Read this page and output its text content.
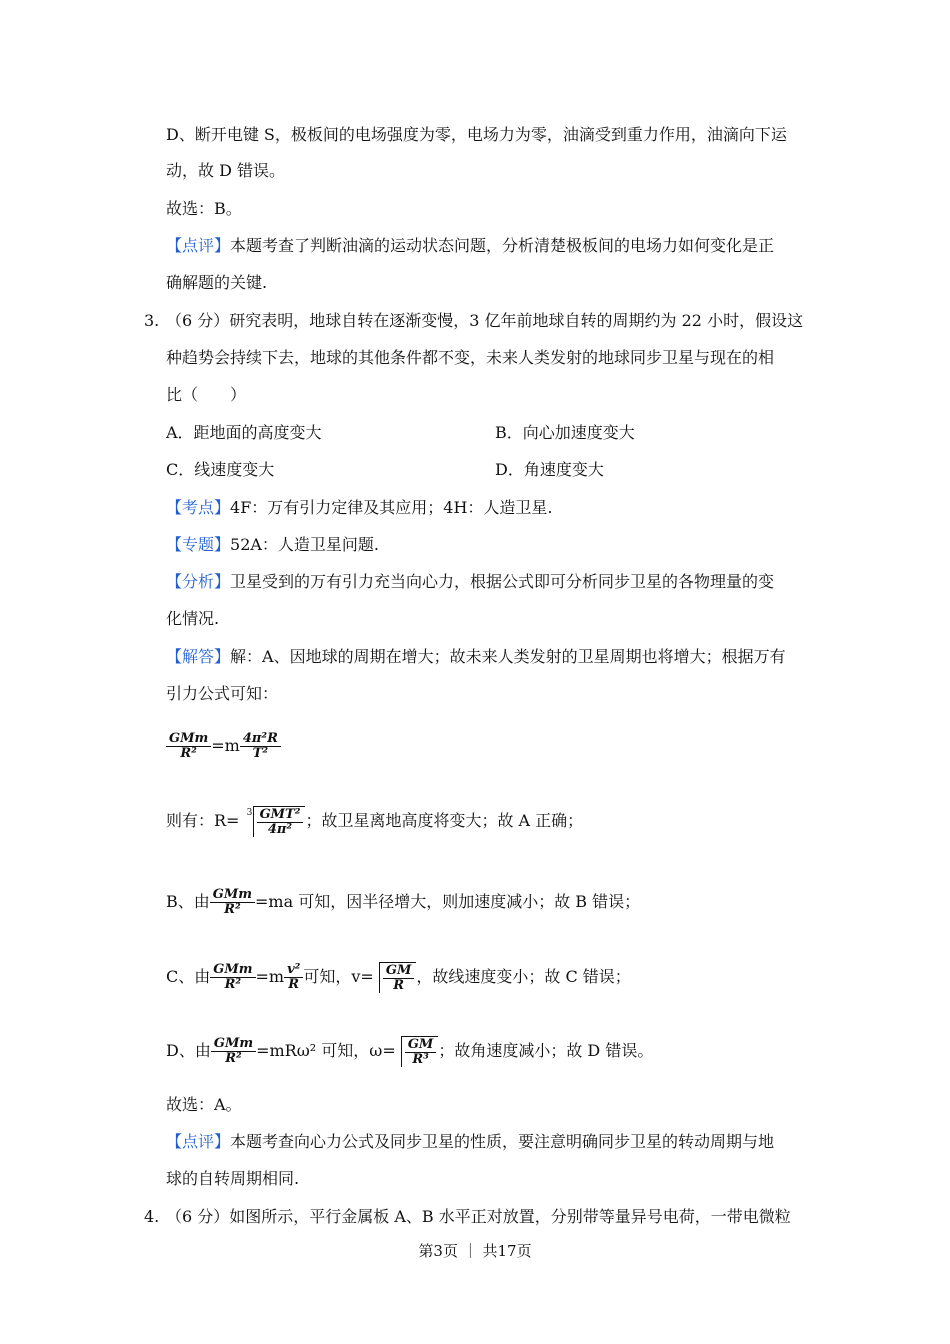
D、断开电键 S，极板间的电场强度为零，电场力为零，油滴受到重力作用，油滴向下运
动，故 D 错误。
故选：B。
【点评】本题考查了判断油滴的运动状态问题，分析清楚极板间的电场力如何变化是正
确解题的关键.
3. （6 分）研究表明，地球自转在逐渐变慢，3 亿年前地球自转的周期约为 22 小时，假设这
种趋势会持续下去，地球的其他条件都不变，未来人类发射的地球同步卫星与现在的相
比（　　）
A．距地面的高度变大	B．向心加速度变大
C．线速度变大	D．角速度变大
【考点】4F：万有引力定律及其应用；4H：人造卫星.
【专题】52A：人造卫星问题.
【分析】卫星受到的万有引力充当向心力，根据公式即可分析同步卫星的各物理量的变
化情况.
【解答】解：A、因地球的周期在增大；故未来人类发射的卫星周期也将增大；根据万有
引力公式可知：
$\frac{\text{GMm}}{\text{R²}} =m \frac{\text{4π²R}}{\text{T²}}$
则有：$R= 3 \frac{\text{GMT²}}{\text{4π²}}$ ；故卫星离地高度将变大；故 A 正确；
B、由 $\frac{\text{GMm}}{\text{R²}} =ma$ 可知，因半径增大，则加速度减小；故 B 错误；
C、由 $\frac{\text{GMm}}{\text{R²}} =m \frac{\text{v²}}{R}$ 可知，$v= \frac{GM}{R}$ ，故线速度变小；故 C 错误；
D、由 $\frac{\text{GMm}}{\text{R²}} =mR\omega^2$ 可知，$\omega= \frac{GM}{\text{R³}}$ ；故角速度减小；故 D 错误。
故选：A。
【点评】本题考查向心力公式及同步卫星的性质，要注意明确同步卫星的转动周期与地
球的自转周期相同.
4. （6 分）如图所示，平行金属板 A、B 水平正对放置，分别带等量异号电荷，一带电微粒
第3页 ｜ 共17页
